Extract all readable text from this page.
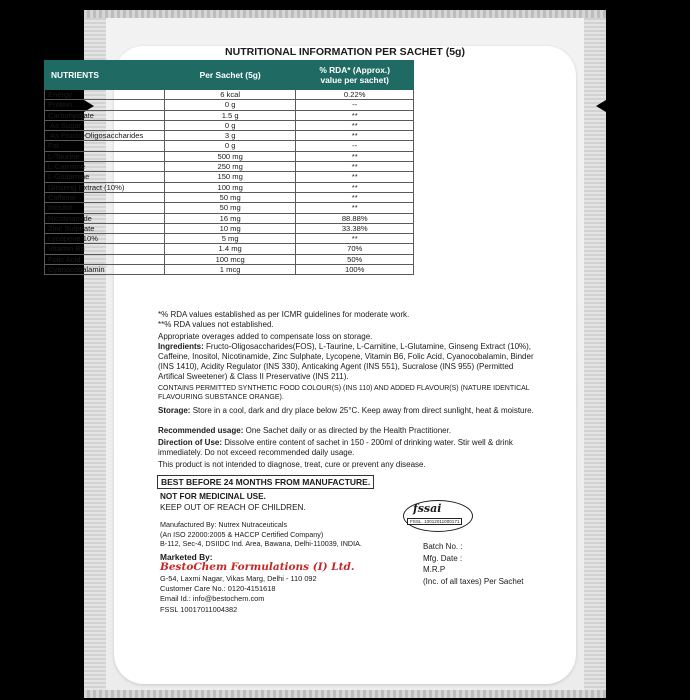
NUTRITIONAL INFORMATION PER SACHET (5g)
NUTRIENTS	Per Sachet (5g)	% RDA* (Approx.)
value per sachet)
Energy	6 kcal	0.22%
Protein	0 g	--
Carbohydrate	1.5 g	**
As Sugar	0 g	**
As Fructo-Oligosaccharides	3 g	**
Fat	0 g	--
L-Taurine	500 mg	**
L-Carnitine	250 mg	**
L-Glutamine	150 mg	**
Ginseng Extract (10%)	100 mg	**
Caffeine	50 mg	**
Inositol	50 mg	**
Nicotinamide	16 mg	88.88%
Zinc Sulphate	10 mg	33.38%
Lycopene 10%	5 mg	**
Vitamin B6	1.4 mg	70%
Folic Acid	100 mcg	50%
Cyanocobalamin	1 mcg	100%
*% RDA values established as per ICMR guidelines for moderate work.
**% RDA values not established.
Appropriate overages added to compensate loss on storage.
Ingredients: Fructo-Oligosaccharides(FOS), L-Taurine, L-Carnitine, L-Glutamine, Ginseng Extract (10%), Caffeine, Inositol, Nicotinamide, Zinc Sulphate, Lycopene, Vitamin B6, Folic Acid, Cyanocobalamin, Binder (INS 1410), Acidity Regulator (INS 330), Anticaking Agent (INS 551), Sucralose (INS 955) (Permitted Artifical Sweetener) & Class II Preservative (INS 211).
CONTAINS PERMITTED SYNTHETIC FOOD COLOUR(S) (INS 110) AND ADDED FLAVOUR(S) (NATURE IDENTICAL FLAVOURING SUBSTANCE ORANGE).
Storage: Store in a cool, dark and dry place below 25°C. Keep away from direct sunlight, heat & moisture.
Recommended usage: One Sachet daily or as directed by the Health Practitioner.
Direction of Use: Dissolve entire content of sachet in 150 - 200ml of drinking water. Stir well & drink immediately. Do not exceed recommended daily usage.
This product is not intended to diagnose, treat, cure or prevent any disease.
BEST BEFORE 24 MONTHS FROM MANUFACTURE.
NOT FOR MEDICINAL USE.
KEEP OUT OF REACH OF CHILDREN.
Manufactured By: Nutrex Nutraceuticals
(An ISO 22000:2005 & HACCP Certified Company)
B-112, Sec-4, DSIIDC Ind. Area, Bawana, Delhi-110039, INDIA.
Marketed By:
BestoChem Formulations (I) Ltd.
G-54, Laxmi Nagar, Vikas Marg, Delhi - 110 092
Customer Care No.: 0120-4151618
Email Id.: info@bestochem.com
FSSL 10017011004382
fssai
FSSL. 10012011000171
Batch No. :
Mfg. Date :
M.R.P
(Inc. of all taxes) Per Sachet
